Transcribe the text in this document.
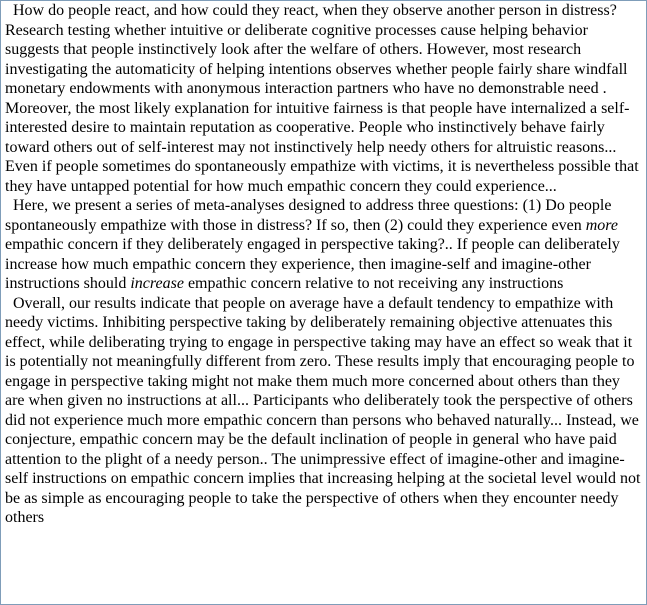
How do people react, and how could they react, when they observe another person in distress? Research testing whether intuitive or deliberate cognitive processes cause helping behavior suggests that people instinctively look after the welfare of others. However, most research investigating the automaticity of helping intentions observes whether people fairly share windfall monetary endowments with anonymous interaction partners who have no demonstrable need . Moreover, the most likely explanation for intuitive fairness is that people have internalized a self-interested desire to maintain reputation as cooperative. People who instinctively behave fairly toward others out of self-interest may not instinctively help needy others for altruistic reasons... Even if people sometimes do spontaneously empathize with victims, it is nevertheless possible that they have untapped potential for how much empathic concern they could experience...

Here, we present a series of meta-analyses designed to address three questions: (1) Do people spontaneously empathize with those in distress? If so, then (2) could they experience even more empathic concern if they deliberately engaged in perspective taking?.. If people can deliberately increase how much empathic concern they experience, then imagine-self and imagine-other instructions should increase empathic concern relative to not receiving any instructions

Overall, our results indicate that people on average have a default tendency to empathize with needy victims. Inhibiting perspective taking by deliberately remaining objective attenuates this effect, while deliberating trying to engage in perspective taking may have an effect so weak that it is potentially not meaningfully different from zero. These results imply that encouraging people to engage in perspective taking might not make them much more concerned about others than they are when given no instructions at all... Participants who deliberately took the perspective of others did not experience much more empathic concern than persons who behaved naturally... Instead, we conjecture, empathic concern may be the default inclination of people in general who have paid attention to the plight of a needy person.. The unimpressive effect of imagine-other and imagine-self instructions on empathic concern implies that increasing helping at the societal level would not be as simple as encouraging people to take the perspective of others when they encounter needy others
